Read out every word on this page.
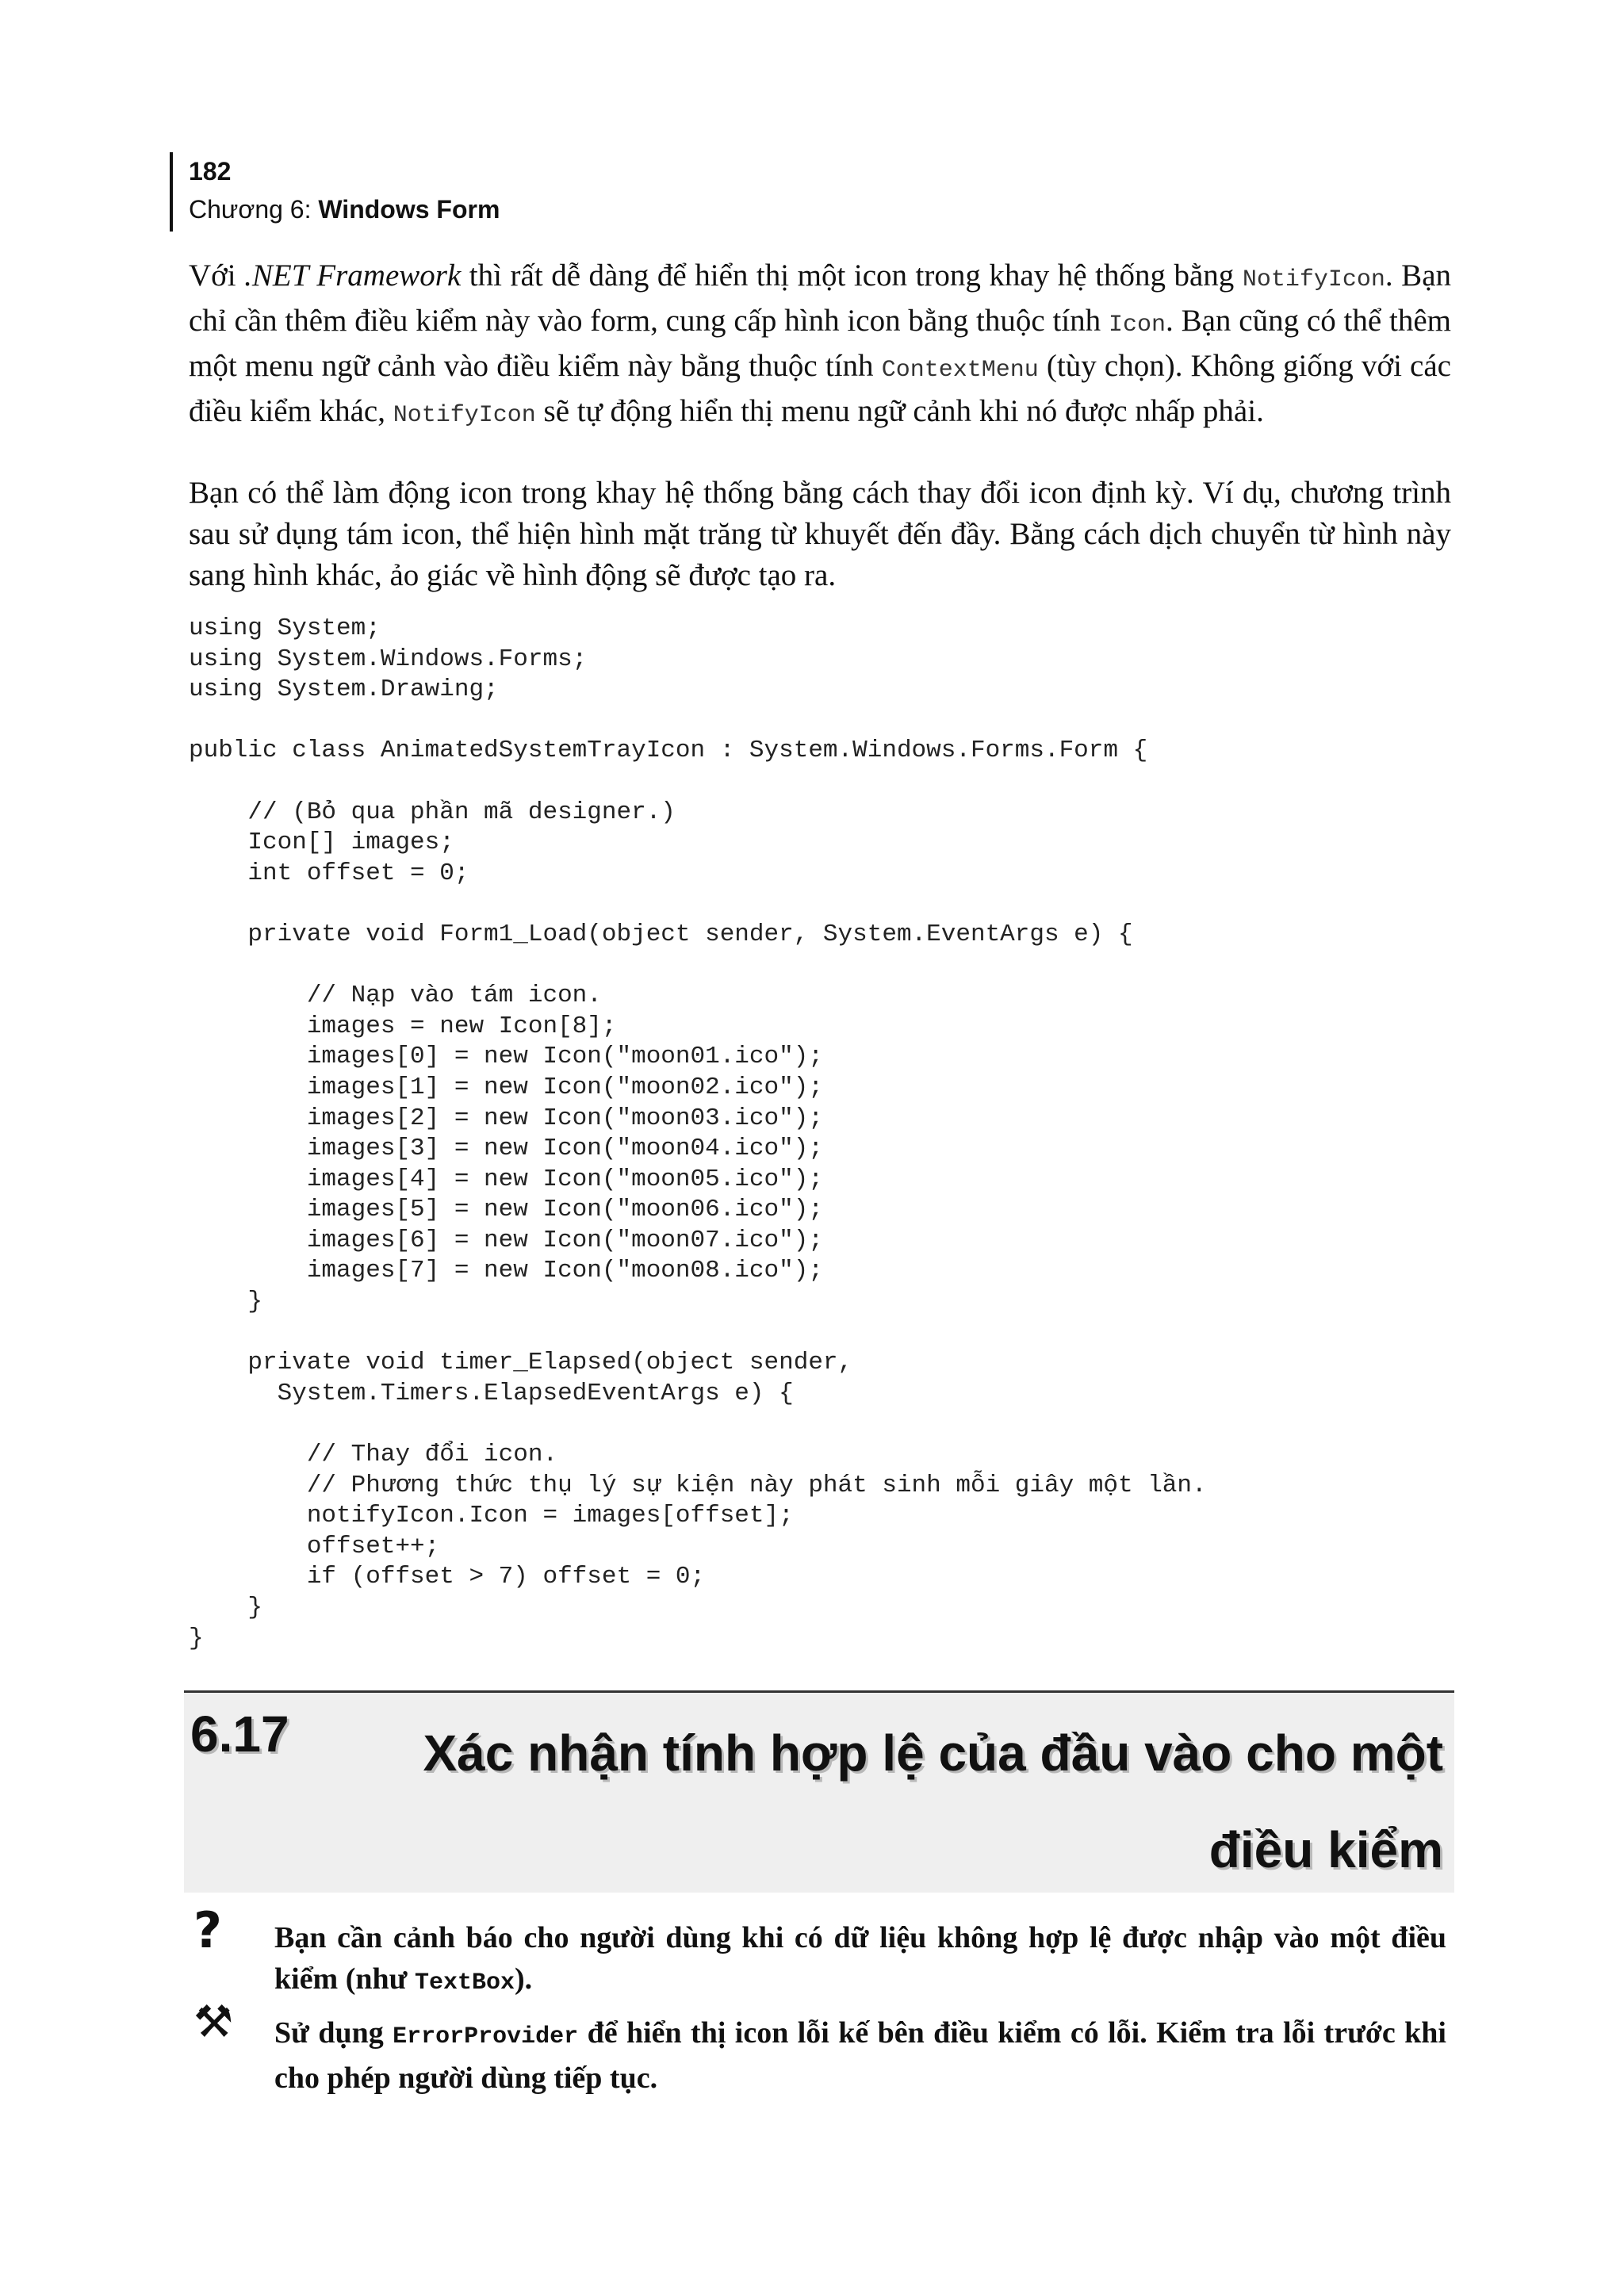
182
Chương 6: Windows Form

Với .NET Framework thì rất dễ dàng để hiển thị một icon trong khay hệ thống bằng NotifyIcon. Bạn chỉ cần thêm điều kiểm này vào form, cung cấp hình icon bằng thuộc tính Icon. Bạn cũng có thể thêm một menu ngữ cảnh vào điều kiểm này bằng thuộc tính ContextMenu (tùy chọn). Không giống với các điều kiểm khác, NotifyIcon sẽ tự động hiển thị menu ngữ cảnh khi nó được nhấp phải.

Bạn có thể làm động icon trong khay hệ thống bằng cách thay đổi icon định kỳ. Ví dụ, chương trình sau sử dụng tám icon, thể hiện hình mặt trăng từ khuyết đến đầy. Bằng cách dịch chuyển từ hình này sang hình khác, ảo giác về hình động sẽ được tạo ra.

using System;
using System.Windows.Forms;
using System.Drawing;

public class AnimatedSystemTrayIcon : System.Windows.Forms.Form {

// (Bỏ qua phần mã designer.)
Icon[] images;
int offset = 0;

private void Form1_Load(object sender, System.EventArgs e) {

// Nạp vào tám icon.
images = new Icon[8];
images[0] = new Icon("moon01.ico");
images[1] = new Icon("moon02.ico");
images[2] = new Icon("moon03.ico");
images[3] = new Icon("moon04.ico");
images[4] = new Icon("moon05.ico");
images[5] = new Icon("moon06.ico");
images[6] = new Icon("moon07.ico");
images[7] = new Icon("moon08.ico");
}

private void timer_Elapsed(object sender,
System.Timers.ElapsedEventArgs e) {

// Thay đổi icon.
// Phương thức thụ lý sự kiện này phát sinh mỗi giây một lần.
notifyIcon.Icon = images[offset];
offset++;
if (offset > 7) offset = 0;
}
}
6.17	Xác nhận tính hợp lệ của đầu vào cho một điều kiểm

? Bạn cần cảnh báo cho người dùng khi có dữ liệu không hợp lệ được nhập vào một điều kiểm (như TextBox).

⚒ Sử dụng ErrorProvider để hiển thị icon lỗi kế bên điều kiểm có lỗi. Kiểm tra lỗi trước khi cho phép người dùng tiếp tục.
